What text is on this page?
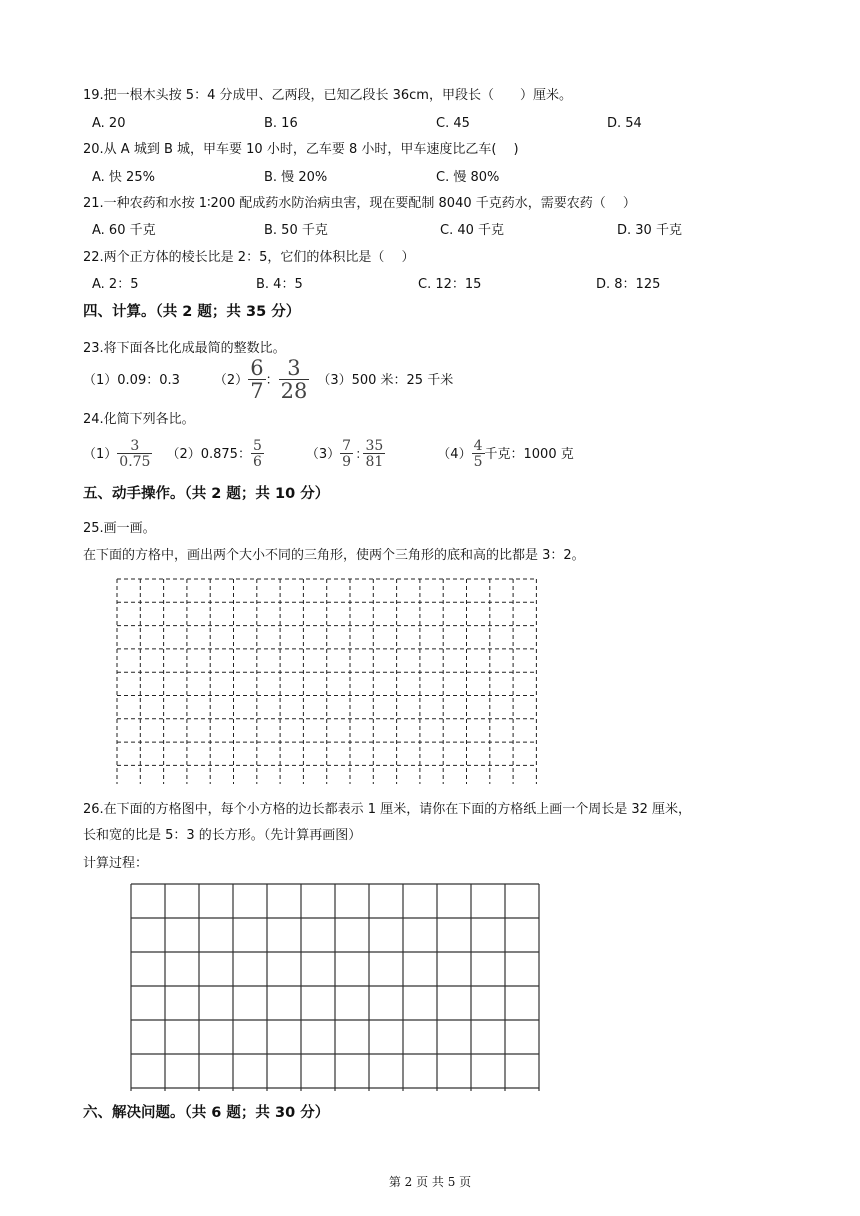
19.把一根木头按 5：4 分成甲、乙两段，已知乙段长 36cm，甲段长（　　）厘米。
A. 20	B. 16	C. 45	D. 54
20.从 A 城到 B 城，甲车要 10 小时，乙车要 8 小时，甲车速度比乙车(　 )
A. 快 25%	B. 慢 20%	C. 慢 80%
21.一种农药和水按 1∶200 配成药水防治病虫害，现在要配制 8040 千克药水，需要农药（　 ）
A. 60 千克	B. 50 千克	C. 40 千克	D. 30 千克
22.两个正方体的棱长比是 2：5，它们的体积比是（　 ）
A. 2：5	B. 4：5	C. 12：15	D. 8：125
四、计算。（共 2 题；共 35 分）
23.将下面各比化成最简的整数比。
（1）0.09：0.3	$(2) \frac{6}{7}$ ： $\frac{3}{28} (3)500$ 米：25 千米
24.化简下列各比。
$(1) \frac{3}{0.75} (2)0.875$： $\frac{5}{6}$	$(3) \frac{7}{9}$ : $\frac{35}{81}$	$(4) \frac{4}{5}$ 千克：1000 克
五、动手操作。（共 2 题；共 10 分）
25.画一画。
在下面的方格中，画出两个大小不同的三角形，使两个三角形的底和高的比都是 3：2。
26.在下面的方格图中，每个小方格的边长都表示 1 厘米，请你在下面的方格纸上画一个周长是 32 厘米，
长和宽的比是 5：3 的长方形。（先计算再画图）
计算过程：
六、解决问题。（共 6 题；共 30 分）
第 2 页 共 5 页
